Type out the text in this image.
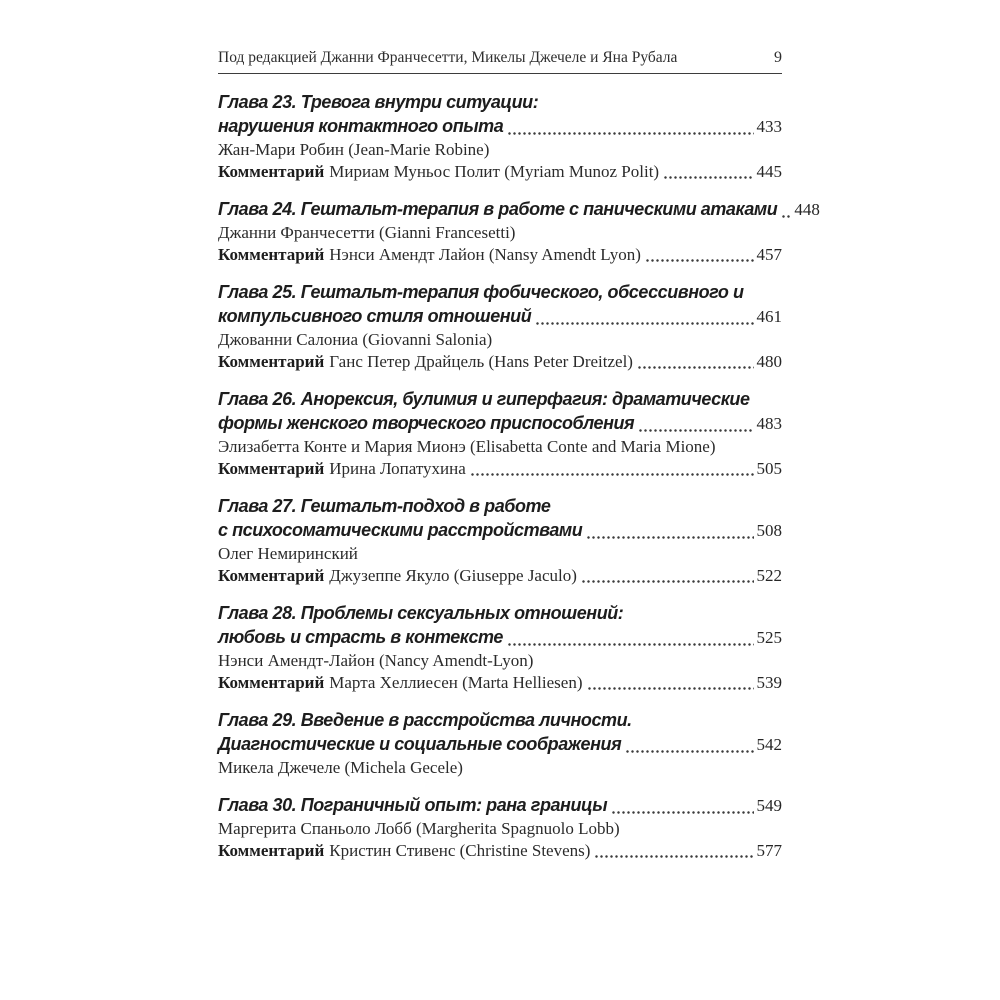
Под редакцией Джанни Франчесетти, Микелы Джечеле и Яна Рубала	9
Глава 23. Тревога внутри ситуации:
нарушения контактного опыта	433
Жан-Мари Робин (Jean-Marie Robine)
Комментарий Мириам Муньос Полит (Myriam Munoz Polit)	445
Глава 24. Гештальт-терапия в работе с паническими атаками 448
Джанни Франчесетти (Gianni Francesetti)
Комментарий Нэнси Амендт Лайон (Nansy Amendt Lyon)	457
Глава 25. Гештальт-терапия фобического, обсессивного и
компульсивного стиля отношений	461
Джованни Салониа (Giovanni Salonia)
Комментарий Ганс Петер Драйцель (Hans Peter Dreitzel)	480
Глава 26. Анорексия, булимия и гиперфагия: драматические
формы женского творческого приспособления	483
Элизабетта Конте и Мария Мионэ (Elisabetta Conte and Maria Mione)
Комментарий Ирина Лопатухина	505
Глава 27. Гештальт-подход в работе
с психосоматическими расстройствами	508
Олег Немиринский
Комментарий Джузеппе Якуло (Giuseppe Jaculo)	522
Глава 28. Проблемы сексуальных отношений:
любовь и страсть в контексте	525
Нэнси Амендт-Лайон (Nancy Amendt-Lyon)
Комментарий Марта Хеллиесен (Marta Helliesen)	539
Глава 29. Введение в расстройства личности.
Диагностические и социальные соображения	542
Микела Джечеле (Michela Gecele)
Глава 30. Пограничный опыт: рана границы	549
Маргерита Спаньоло Лобб (Margherita Spagnuolo Lobb)
Комментарий Кристин Стивенс (Christine Stevens)	577
